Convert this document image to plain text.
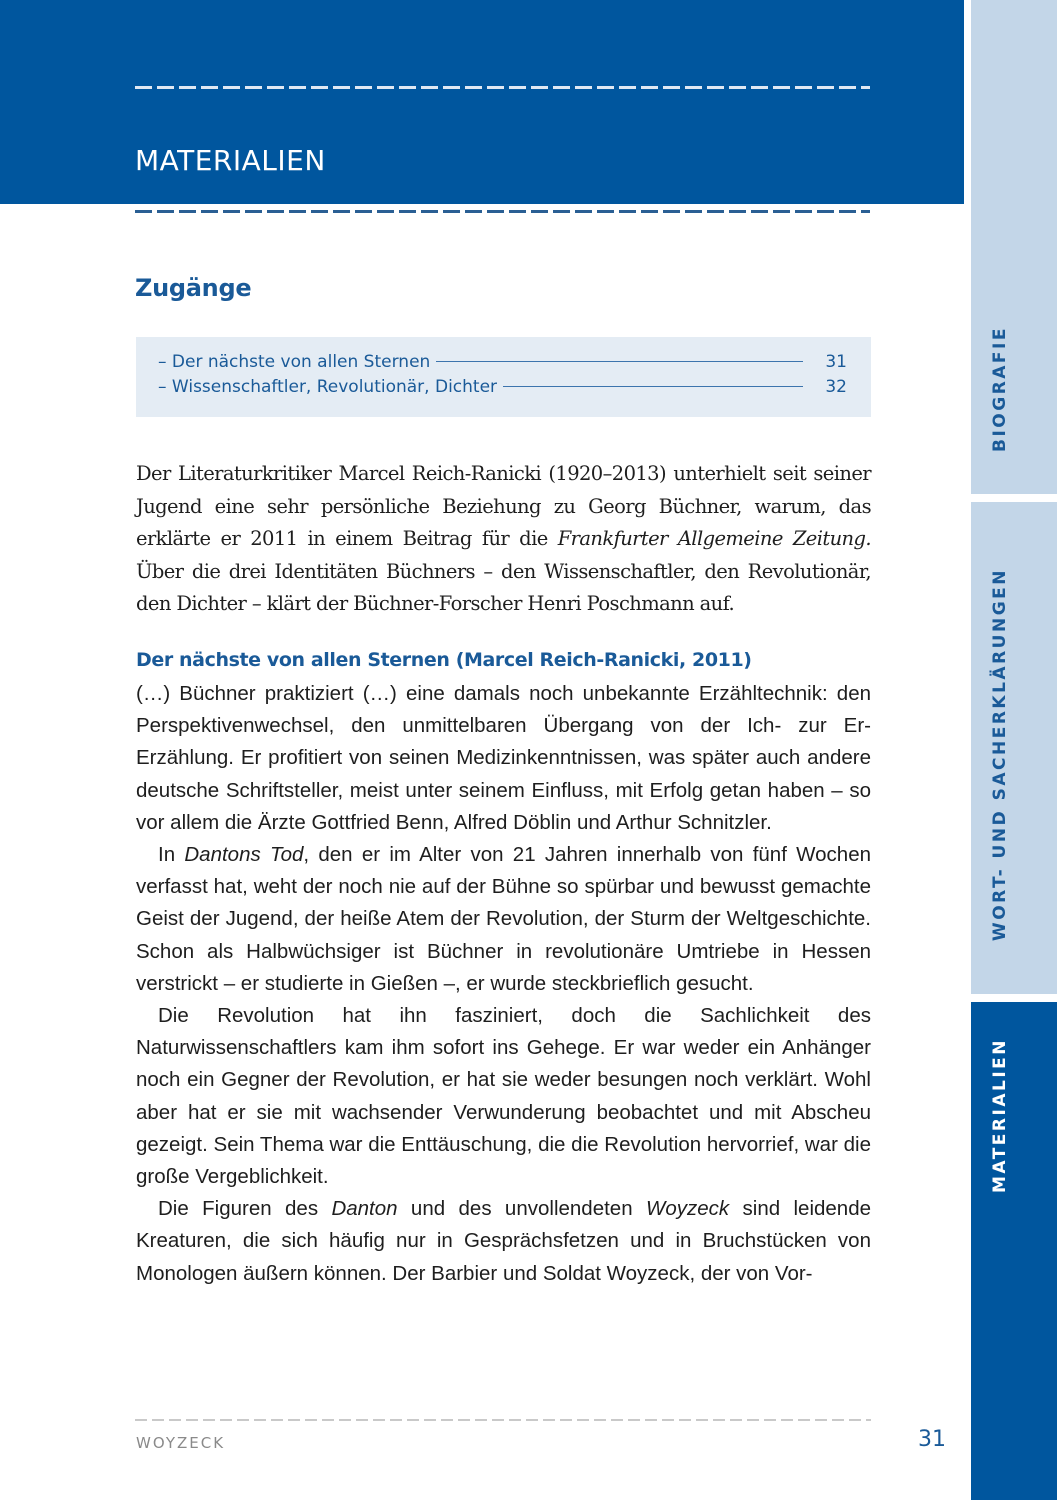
MATERIALIEN
Zugänge
– Der nächste von allen Sternen	31
– Wissenschaftler, Revolutionär, Dichter	32

Der Literaturkritiker Marcel Reich-Ranicki (1920–2013) unterhielt seit seiner Jugend eine sehr persönliche Beziehung zu Georg Büchner, warum, das erklärte er 2011 in einem Beitrag für die Frankfurter Allgemeine Zeitung. Über die drei Identitäten Büchners – den Wissenschaftler, den Revolutionär, den Dichter – klärt der Büchner-Forscher Henri Poschmann auf.

Der nächste von allen Sternen (Marcel Reich-Ranicki, 2011)

(…) Büchner praktiziert (…) eine damals noch unbekannte Erzähltechnik: den Perspektivenwechsel, den unmittelbaren Übergang von der Ich- zur Er-Erzählung. Er profitiert von seinen Medizinkenntnissen, was später auch andere deutsche Schriftsteller, meist unter seinem Einfluss, mit Erfolg getan haben – so vor allem die Ärzte Gottfried Benn, Alfred Döblin und Arthur Schnitzler.

In Dantons Tod, den er im Alter von 21 Jahren innerhalb von fünf Wochen verfasst hat, weht der noch nie auf der Bühne so spürbar und bewusst gemachte Geist der Jugend, der heiße Atem der Revolution, der Sturm der Weltgeschichte. Schon als Halbwüchsiger ist Büchner in revolutionäre Umtriebe in Hessen verstrickt – er studierte in Gießen –, er wurde steckbrieflich gesucht.

Die Revolution hat ihn fasziniert, doch die Sachlichkeit des Naturwissenschaftlers kam ihm sofort ins Gehege. Er war weder ein Anhänger noch ein Gegner der Revolution, er hat sie weder besungen noch verklärt. Wohl aber hat er sie mit wachsender Verwunderung beobachtet und mit Abscheu gezeigt. Sein Thema war die Enttäuschung, die die Revolution hervorrief, war die große Vergeblichkeit.

Die Figuren des Danton und des unvollendeten Woyzeck sind leidende Kreaturen, die sich häufig nur in Gesprächsfetzen und in Bruchstücken von Monologen äußern können. Der Barbier und Soldat Woyzeck, der von Vor-

WOYZECK	31
BIOGRAFIE
WORT- UND SACHERKLÄRUNGEN
MATERIALIEN
